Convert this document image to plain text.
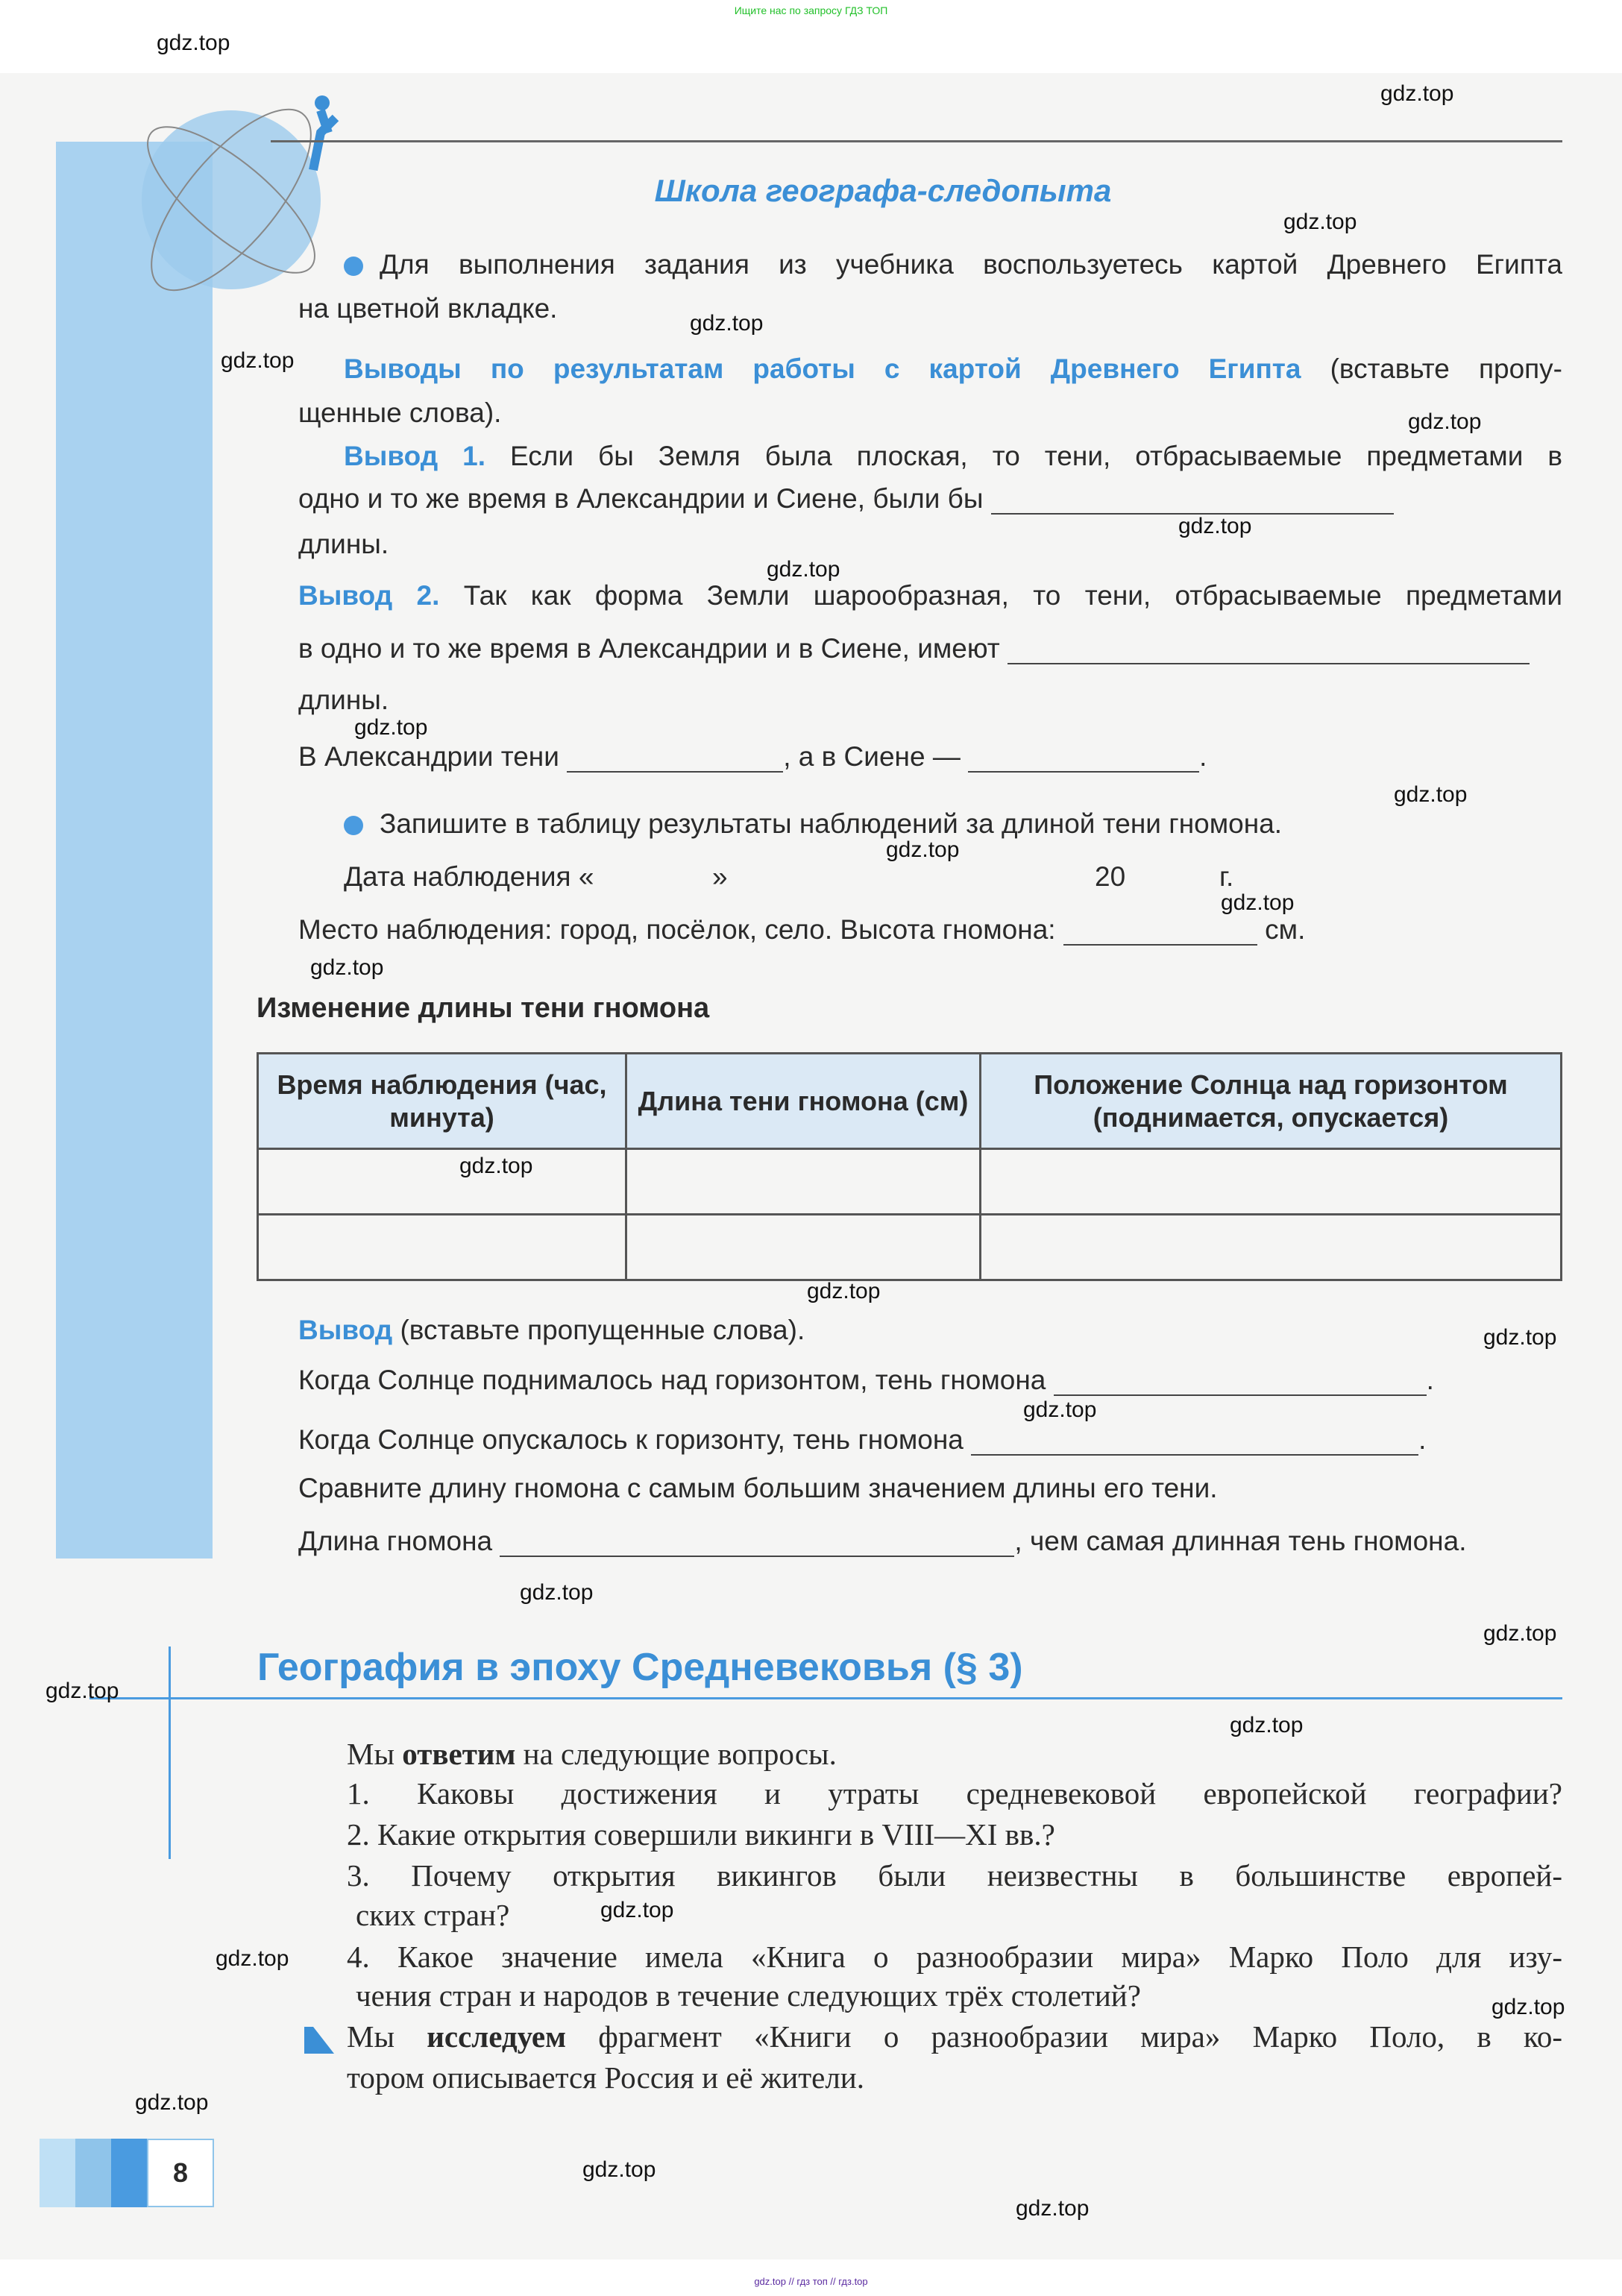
Ищите нас по запросу ГДЗ ТОП
Школа географа-следопыта
Для выполнения задания из учебника воспользуетесь картой Древнего Египта
на цветной вкладке.
Выводы по результатам работы с картой Древнего Египта (вставьте пропу-
щенные слова).
Вывод 1. Если бы Земля была плоская, то тени, отбрасываемые предметами в
одно и то же время в Александрии и Сиене, были бы
длины.
Вывод 2. Так как форма Земли шарообразная, то тени, отбрасываемые предметами
в одно и то же время в Александрии и в Сиене, имеют
длины.
В Александрии тени	, а в Сиене —	.
Запишите в таблицу результаты наблюдений за длиной тени гномона.
Дата наблюдения «	»	20	г.
Место наблюдения: город, посёлок, село. Высота гномона:	см.
Изменение длины тени гномона
Время наблюдения (час, минута)	Длина тени гномона (см)	Положение Солнца над горизонтом (поднимается, опускается)

Вывод (вставьте пропущенные слова).
Когда Солнце поднималось над горизонтом, тень гномона	.
Когда Солнце опускалось к горизонту, тень гномона	.
Сравните длину гномона с самым большим значением длины его тени.
Длина гномона	, чем самая длинная тень гномона.
География в эпоху Средневековья (§ 3)
Мы ответим на следующие вопросы.
1. Каковы достижения и утраты средневековой европейской географии?
2. Какие открытия совершили викинги в VIII—XI вв.?
3. Почему открытия викингов были неизвестны в большинстве европей-
ских стран?
4. Какое значение имела «Книга о разнообразии мира» Марко Поло для изу-
чения стран и народов в течение следующих трёх столетий?
Мы исследуем фрагмент «Книги о разнообразии мира» Марко Поло, в ко-
тором описывается Россия и её жители.
8
gdz.top
gdz.top
gdz.top
gdz.top
gdz.top
gdz.top
gdz.top
gdz.top
gdz.top
gdz.top
gdz.top
gdz.top
gdz.top
gdz.top
gdz.top
gdz.top
gdz.top
gdz.top
gdz.top
gdz.top
gdz.top
gdz.top
gdz.top
gdz.top
gdz.top
gdz.top
gdz.top
gdz.top // гдз топ // гдз.top
